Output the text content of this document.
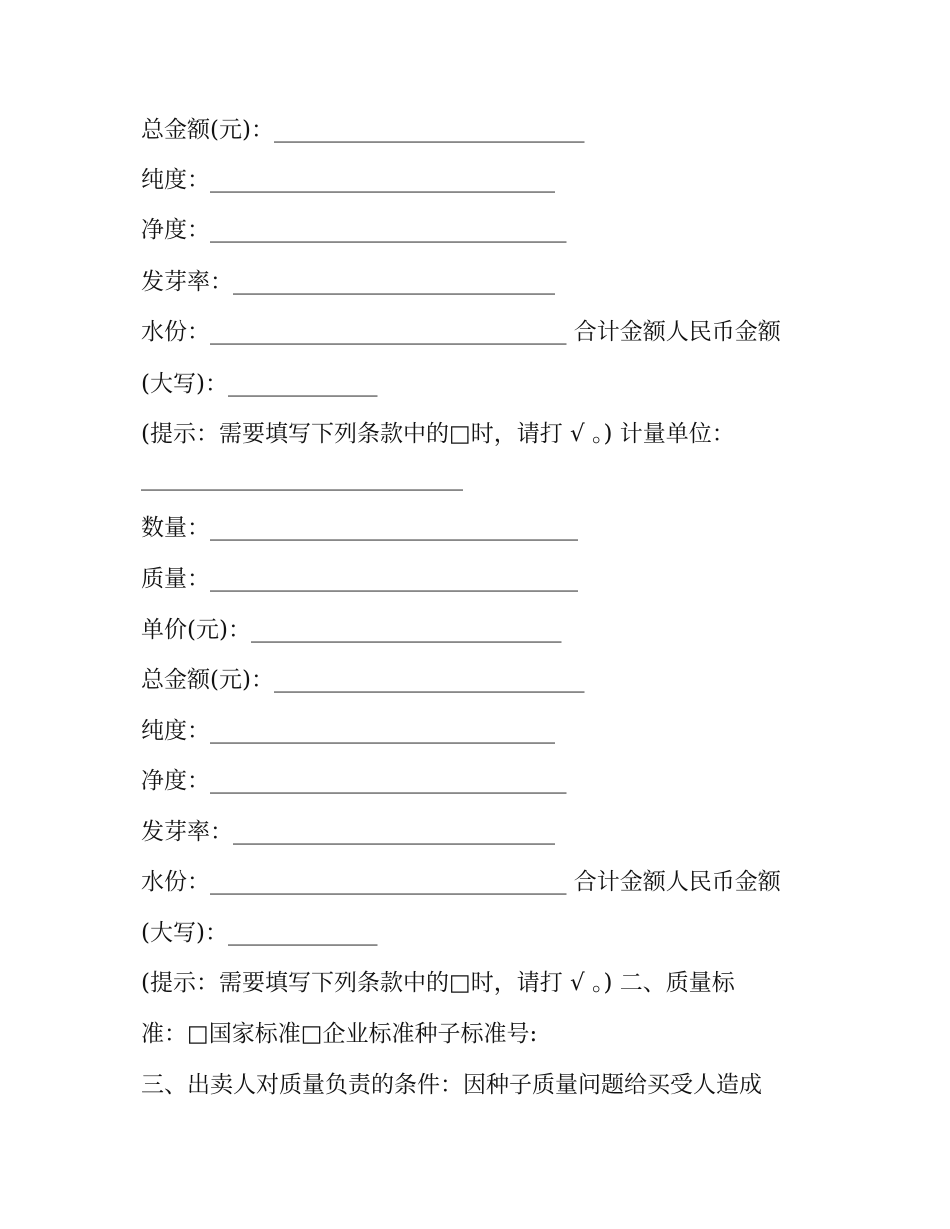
总金额(元)：___________________________
纯度：______________________________
净度：_______________________________
发芽率：____________________________
水份：_______________________________ 合计金额人民币金额
(大写)：_____________
(提示：需要填写下列条款中的□时，请打 √ 。) 计量单位：
____________________________
数量：________________________________
质量：________________________________
单价(元)：___________________________
总金额(元)：___________________________
纯度：______________________________
净度：_______________________________
发芽率：____________________________
水份：_______________________________ 合计金额人民币金额
(大写)：_____________
(提示：需要填写下列条款中的□时，请打 √ 。) 二、质量标
准：□国家标准□企业标准种子标准号:
三、出卖人对质量负责的条件：因种子质量问题给买受人造成
